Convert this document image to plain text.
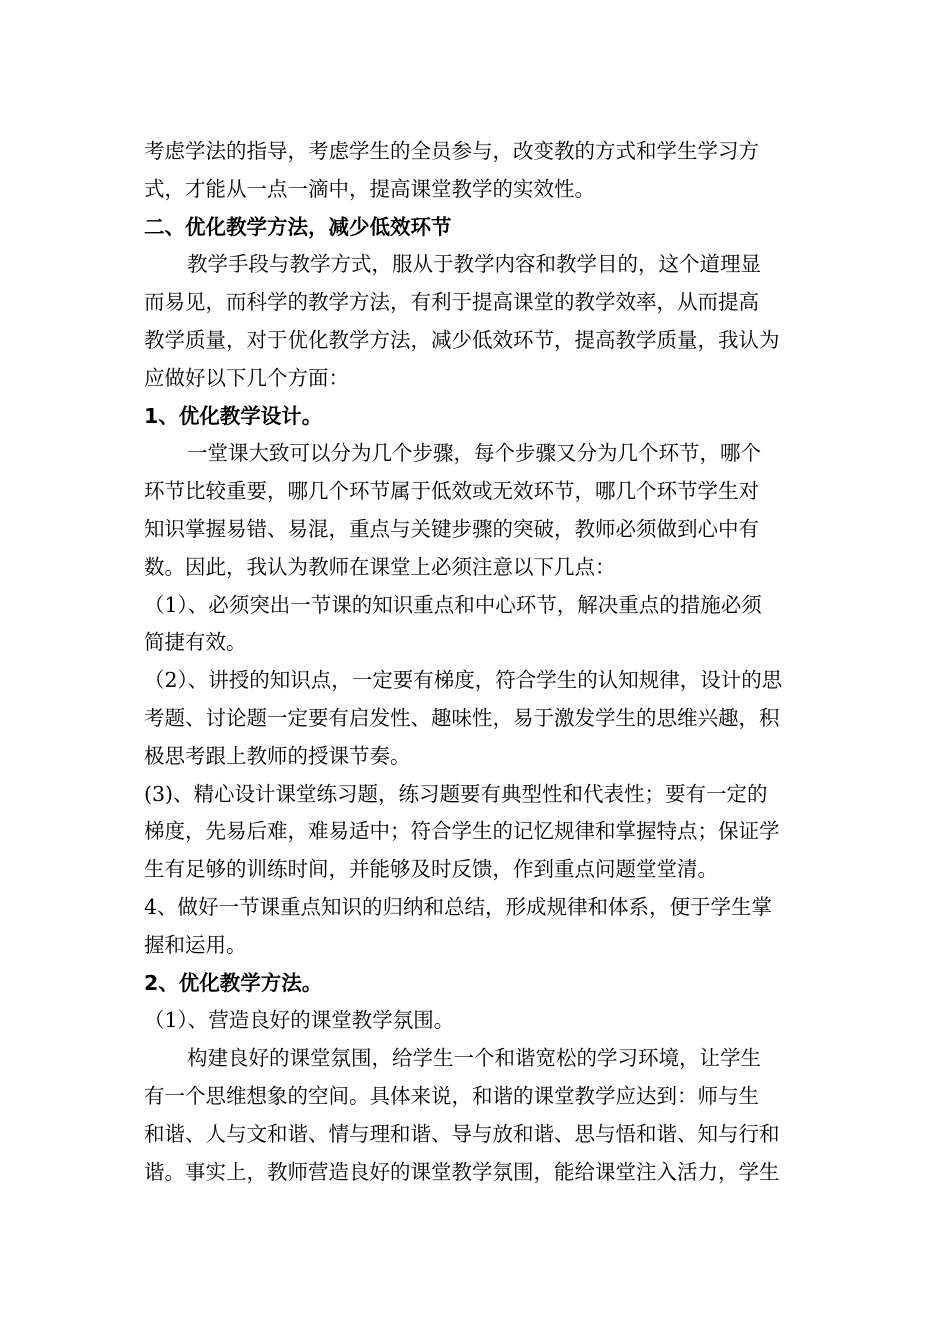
考虑学法的指导，考虑学生的全员参与，改变教的方式和学生学习方
式，才能从一点一滴中，提高课堂教学的实效性。
二、优化教学方法，减少低效环节
教学手段与教学方式，服从于教学内容和教学目的，这个道理显
而易见，而科学的教学方法，有利于提高课堂的教学效率，从而提高
教学质量，对于优化教学方法，减少低效环节，提高教学质量，我认为
应做好以下几个方面：
1、优化教学设计。
一堂课大致可以分为几个步骤，每个步骤又分为几个环节，哪个
环节比较重要，哪几个环节属于低效或无效环节，哪几个环节学生对
知识掌握易错、易混，重点与关键步骤的突破，教师必须做到心中有
数。因此，我认为教师在课堂上必须注意以下几点：
（1）、必须突出一节课的知识重点和中心环节，解决重点的措施必须
简捷有效。
（2）、讲授的知识点，一定要有梯度，符合学生的认知规律，设计的思
考题、讨论题一定要有启发性、趣味性，易于激发学生的思维兴趣，积
极思考跟上教师的授课节奏。
(3)、精心设计课堂练习题，练习题要有典型性和代表性；要有一定的
梯度，先易后难，难易适中；符合学生的记忆规律和掌握特点；保证学
生有足够的训练时间，并能够及时反馈，作到重点问题堂堂清。
4、做好一节课重点知识的归纳和总结，形成规律和体系，便于学生掌
握和运用。
2、优化教学方法。
（1）、营造良好的课堂教学氛围。
构建良好的课堂氛围，给学生一个和谐宽松的学习环境，让学生
有一个思维想象的空间。具体来说，和谐的课堂教学应达到：师与生
和谐、人与文和谐、情与理和谐、导与放和谐、思与悟和谐、知与行和
谐。事实上，教师营造良好的课堂教学氛围，能给课堂注入活力，学生
